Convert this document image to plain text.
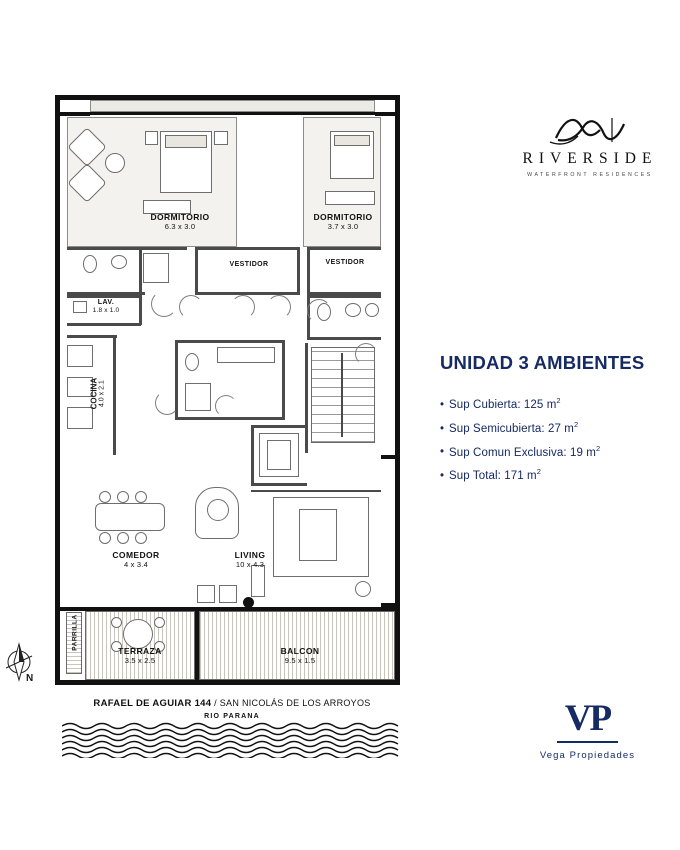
DORMITORIO
6.3 x 3.0
VESTIDOR
DORMITORIO
3.7 x 3.0
VESTIDOR
LAV.
1.8 x 1.0
COCINA 4.0 x 2.1
COMEDOR
4 x 3.4
LIVING
10 x 4.3
TERRAZA
3.5 x 2.5
BALCON
9.5 x 1.5
PARRILLA
N
RAFAEL DE AGUIAR 144 / SAN NICOLÁS DE LOS ARROYOS
RIO PARANA
RIVERSIDE
WATERFRONT RESIDENCES
UNIDAD 3 AMBIENTES
• Sup Cubierta: 125 $m^2$
• Sup Semicubierta: 27 $m^2$
• Sup Comun Exclusiva: 19 $m^2$
• Sup Total: 171 $m^2$
VP
Vega Propiedades
